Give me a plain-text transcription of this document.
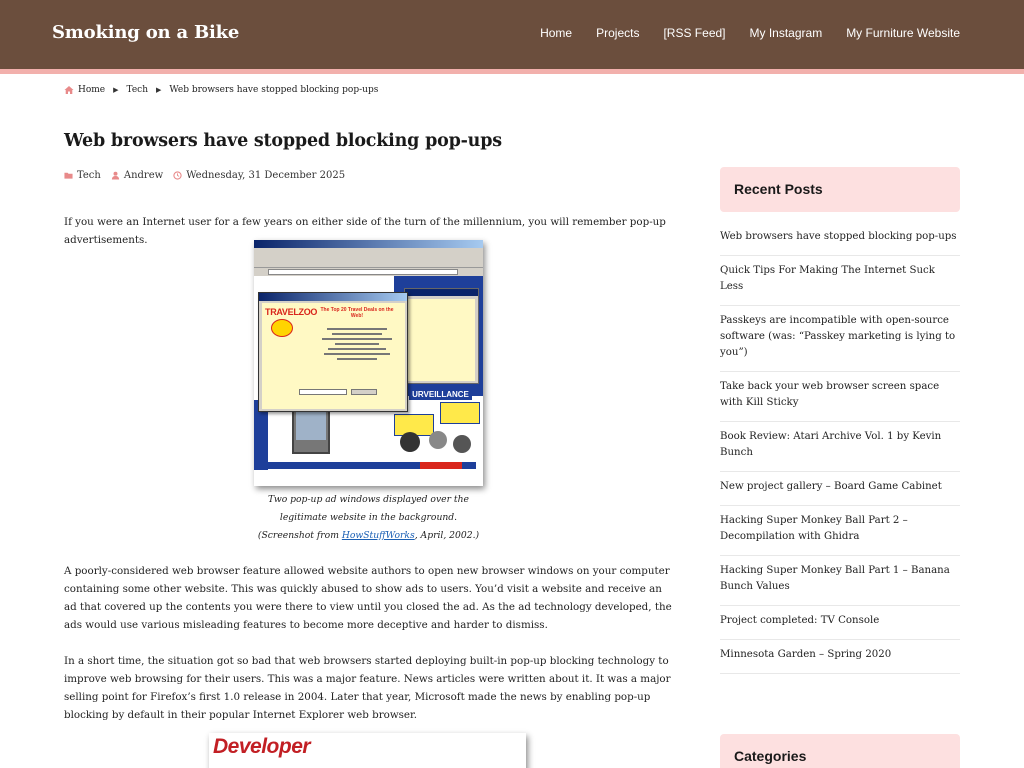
Smoking on a Bike	Home Projects [RSS Feed] My Instagram My Furniture Website
Home ▶ Tech ▶ Web browsers have stopped blocking pop-ups
Web browsers have stopped blocking pop-ups
Tech Andrew Wednesday, 31 December 2025

If you were an Internet user for a few years on either side of the turn of the millennium, you will remember pop-up advertisements.

URVEILLANCE
TRAVELZOO The Top 20 Travel Deals on the Web!
Two pop-up ad windows displayed over the legitimate website in the background. (Screenshot from HowStuffWorks, April, 2002.)

A poorly-considered web browser feature allowed website authors to open new browser windows on your computer containing some other website. This was quickly abused to show ads to users. You’d visit a website and receive an ad that covered up the contents you were there to view until you closed the ad. As the ad technology developed, the ads would use various misleading features to become more deceptive and harder to dismiss.

In a short time, the situation got so bad that web browsers started deploying built-in pop-up blocking technology to improve web browsing for their users. This was a major feature. News articles were written about it. It was a major selling point for Firefox’s first 1.0 release in 2004. Later that year, Microsoft made the news by enabling pop-up blocking by default in their popular Internet Explorer web browser.

Developer
Recent Posts
Web browsers have stopped blocking pop-ups
Quick Tips For Making The Internet Suck Less
Passkeys are incompatible with open-source software (was: “Passkey marketing is lying to you”)
Take back your web browser screen space with Kill Sticky
Book Review: Atari Archive Vol. 1 by Kevin Bunch
New project gallery – Board Game Cabinet
Hacking Super Monkey Ball Part 2 – Decompilation with Ghidra
Hacking Super Monkey Ball Part 1 – Banana Bunch Values
Project completed: TV Console
Minnesota Garden – Spring 2020
Categories
